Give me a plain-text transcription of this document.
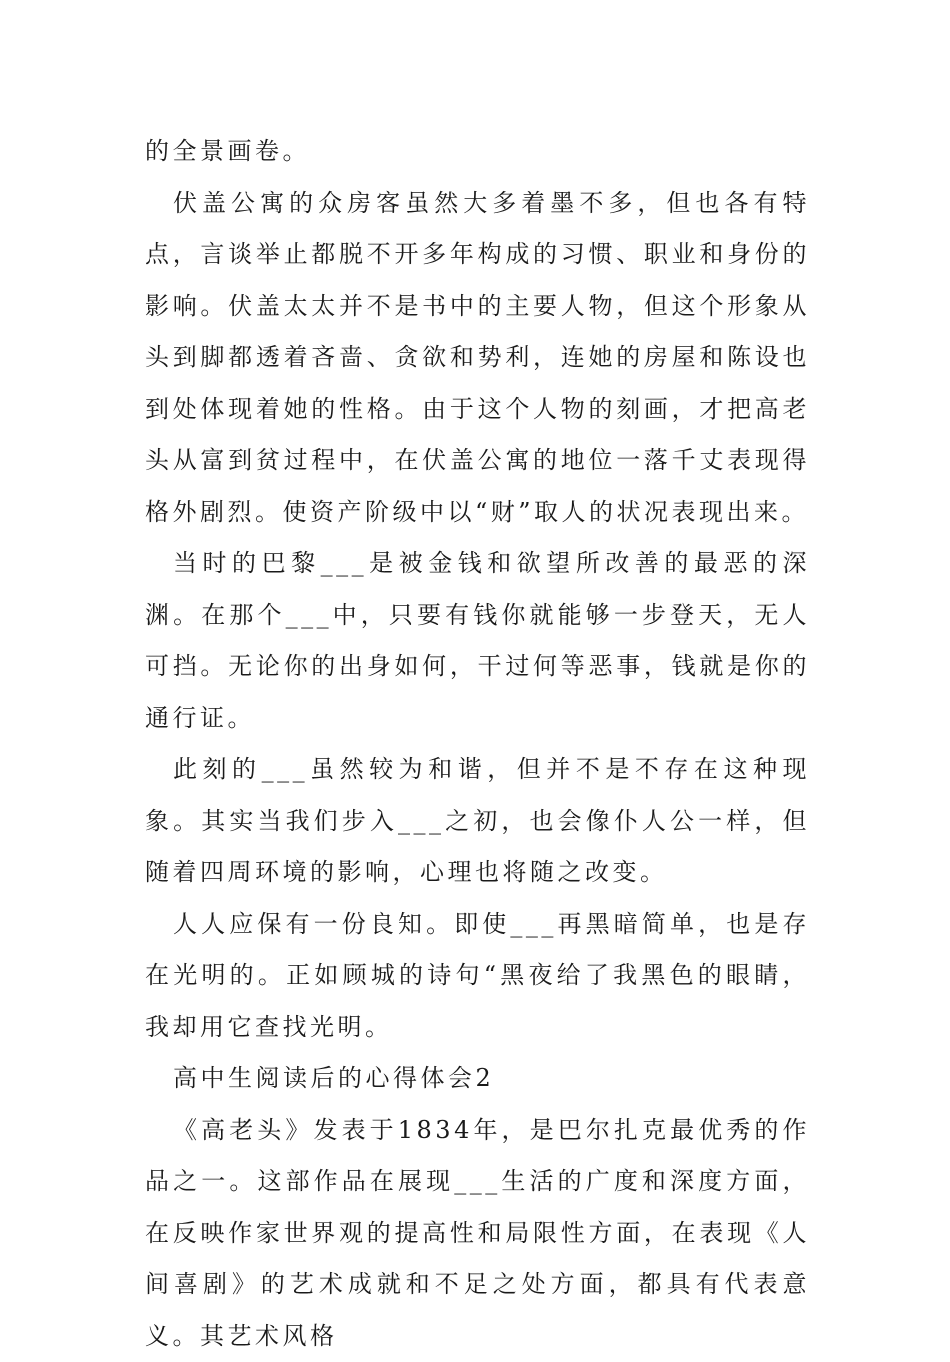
的全景画卷。

伏盖公寓的众房客虽然大多着墨不多，但也各有特点，言谈举止都脱不开多年构成的习惯、职业和身份的影响。伏盖太太并不是书中的主要人物，但这个形象从头到脚都透着吝啬、贪欲和势利，连她的房屋和陈设也到处体现着她的性格。由于这个人物的刻画，才把高老头从富到贫过程中，在伏盖公寓的地位一落千丈表现得格外剧烈。使资产阶级中以“财”取人的状况表现出来。

当时的巴黎___是被金钱和欲望所改善的最恶的深渊。在那个___中，只要有钱你就能够一步登天，无人可挡。无论你的出身如何，干过何等恶事，钱就是你的通行证。

此刻的___虽然较为和谐，但并不是不存在这种现象。其实当我们步入___之初，也会像仆人公一样，但随着四周环境的影响，心理也将随之改变。

人人应保有一份良知。即使___再黑暗简单，也是存在光明的。正如顾城的诗句“黑夜给了我黑色的眼睛，我却用它查找光明。

高中生阅读后的心得体会2

《高老头》发表于1834年，是巴尔扎克最优秀的作品之一。这部作品在展现___生活的广度和深度方面，在反映作家世界观的提高性和局限性方面，在表现《人间喜剧》的艺术成就和不足之处方面，都具有代表意义。其艺术风格
